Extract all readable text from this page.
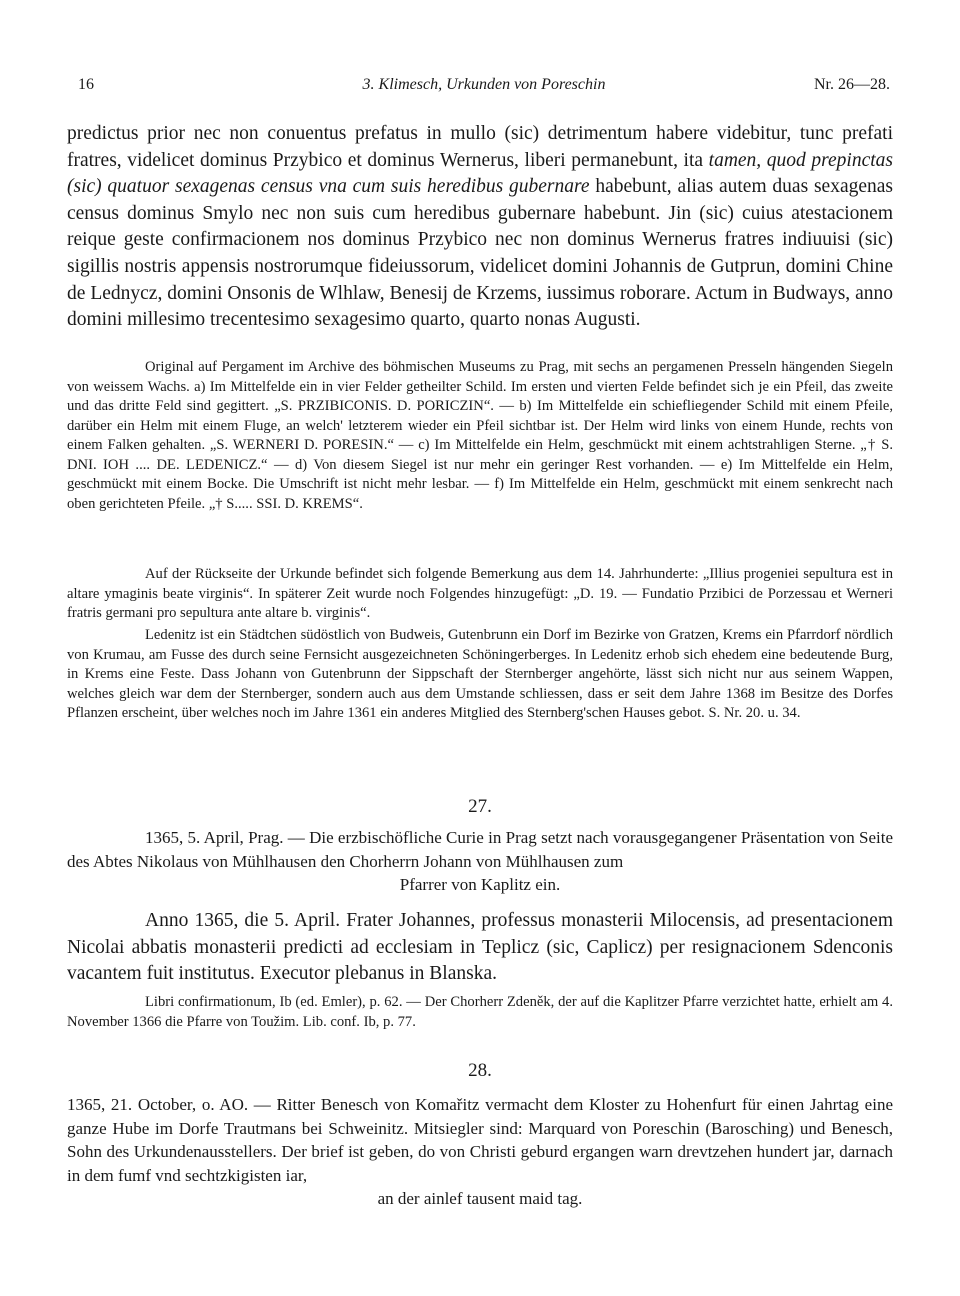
16	3. Klimesch, Urkunden von Poreschin	Nr. 26—28.

predictus prior nec non conuentus prefatus in mullo (sic) detrimentum habere videbitur, tunc prefati fratres, videlicet dominus Przybico et dominus Wernerus, liberi permanebunt, ita tamen, quod prepinctas (sic) quatuor sexagenas census vna cum suis heredibus gubernare habebunt, alias autem duas sexagenas census dominus Smylo nec non suis cum heredibus gubernare habebunt. Jin (sic) cuius atestacionem reique geste confirmacionem nos dominus Przybico nec non dominus Wernerus fratres indiuuisi (sic) sigillis nostris appensis nostrorumque fideiussorum, videlicet domini Johannis de Gutprun, domini Chine de Lednycz, domini Onsonis de Wlhlaw, Benesij de Krzems, iussimus roborare. Actum in Budways, anno domini millesimo trecentesimo sexagesimo quarto, quarto nonas Augusti.

Original auf Pergament im Archive des böhmischen Museums zu Prag, mit sechs an pergamenen Presseln hängenden Siegeln von weissem Wachs. a) Im Mittelfelde ein in vier Felder getheilter Schild. Im ersten und vierten Felde befindet sich je ein Pfeil, das zweite und das dritte Feld sind gegittert. „S. PRZIBICONIS. D. PORICZIN“. — b) Im Mittelfelde ein schiefliegender Schild mit einem Pfeile, darüber ein Helm mit einem Fluge, an welch' letzterem wieder ein Pfeil sichtbar ist. Der Helm wird links von einem Hunde, rechts von einem Falken gehalten. „S. WERNERI D. PORESIN.“ — c) Im Mittelfelde ein Helm, geschmückt mit einem achtstrahligen Sterne. „† S. DNI. IOH .... DE. LEDENICZ.“ — d) Von diesem Siegel ist nur mehr ein geringer Rest vorhanden. — e) Im Mittelfelde ein Helm, geschmückt mit einem Bocke. Die Umschrift ist nicht mehr lesbar. — f) Im Mittelfelde ein Helm, geschmückt mit einem senkrecht nach oben gerichteten Pfeile. „† S..... SSI. D. KREMS“.

Auf der Rückseite der Urkunde befindet sich folgende Bemerkung aus dem 14. Jahrhunderte: „Illius progeniei sepultura est in altare ymaginis beate virginis“. In späterer Zeit wurde noch Folgendes hinzugefügt: „D. 19. — Fundatio Przibici de Porzessau et Werneri fratris germani pro sepultura ante altare b. virginis“.

Ledenitz ist ein Städtchen südöstlich von Budweis, Gutenbrunn ein Dorf im Bezirke von Gratzen, Krems ein Pfarrdorf nördlich von Krumau, am Fusse des durch seine Fernsicht ausgezeichneten Schöningerberges. In Ledenitz erhob sich ehedem eine bedeutende Burg, in Krems eine Feste. Dass Johann von Gutenbrunn der Sippschaft der Sternberger angehörte, lässt sich nicht nur aus seinem Wappen, welches gleich war dem der Sternberger, sondern auch aus dem Umstande schliessen, dass er seit dem Jahre 1368 im Besitze des Dorfes Pflanzen erscheint, über welches noch im Jahre 1361 ein anderes Mitglied des Sternberg'schen Hauses gebot. S. Nr. 20. u. 34.

27.

1365, 5. April, Prag. — Die erzbischöfliche Curie in Prag setzt nach vorausgegangener Präsentation von Seite des Abtes Nikolaus von Mühlhausen den Chorherrn Johann von Mühlhausen zum

Pfarrer von Kaplitz ein.

Anno 1365, die 5. April. Frater Johannes, professus monasterii Milocensis, ad presentacionem Nicolai abbatis monasterii predicti ad ecclesiam in Teplicz (sic, Caplicz) per resignacionem Sdenconis vacantem fuit institutus. Executor plebanus in Blanska.

Libri confirmationum, Ib (ed. Emler), p. 62. — Der Chorherr Zdeněk, der auf die Kaplitzer Pfarre verzichtet hatte, erhielt am 4. November 1366 die Pfarre von Toužim. Lib. conf. Ib, p. 77.

28.

1365, 21. October, o. AO. — Ritter Benesch von Komařitz vermacht dem Kloster zu Hohenfurt für einen Jahrtag eine ganze Hube im Dorfe Trautmans bei Schweinitz. Mitsiegler sind: Marquard von Poreschin (Barosching) und Benesch, Sohn des Urkundenausstellers. Der brief ist geben, do von Christi geburd ergangen warn drevtzehen hundert jar, darnach in dem fumf vnd sechtzkigisten iar,

an der ainlef tausent maid tag.
